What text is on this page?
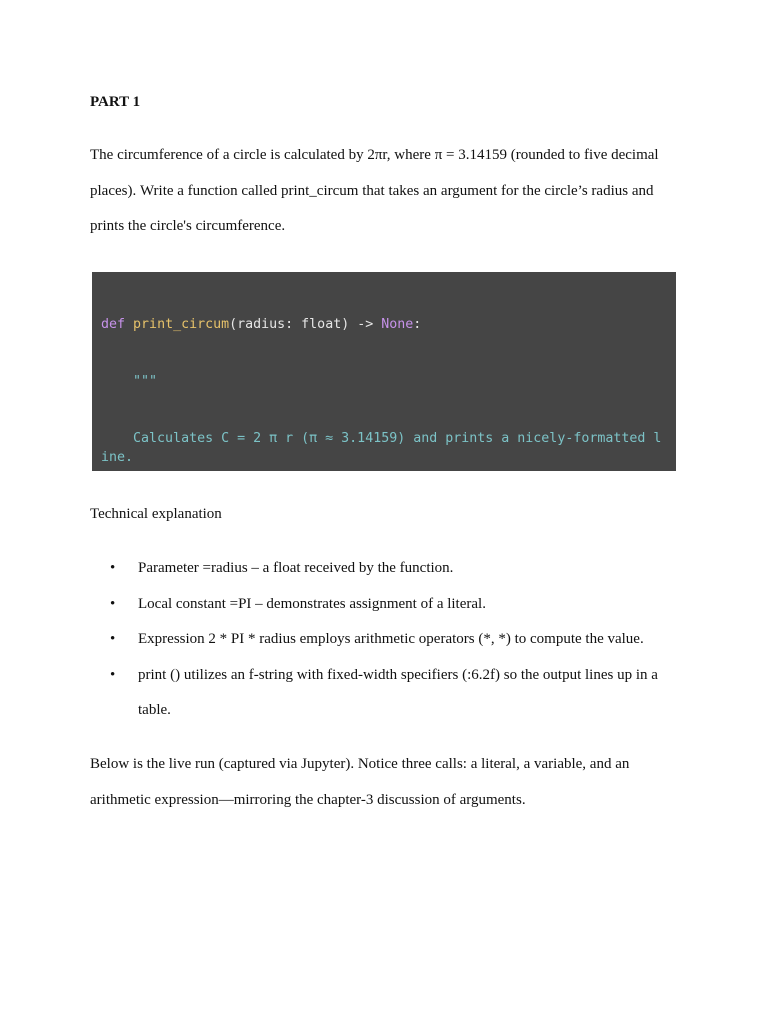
PART 1
The circumference of a circle is calculated by 2πr, where π = 3.14159 (rounded to five decimal places). Write a function called print_circum that takes an argument for the circle’s radius and prints the circle's circumference.

def print_circum(radius: float) -> None:

"""

Calculates C = 2 π r (π ≈ 3.14159) and prints a nicely-formatted line.

Technical explanation
• Parameter =radius – a float received by the function.
• Local constant =PI – demonstrates assignment of a literal.
• Expression 2 * PI * radius employs arithmetic operators (*, *) to compute the value.
• print () utilizes an f-string with fixed-width specifiers (:6.2f) so the output lines up in a table.
Below is the live run (captured via Jupyter). Notice three calls: a literal, a variable, and an arithmetic expression—mirroring the chapter-3 discussion of arguments.
